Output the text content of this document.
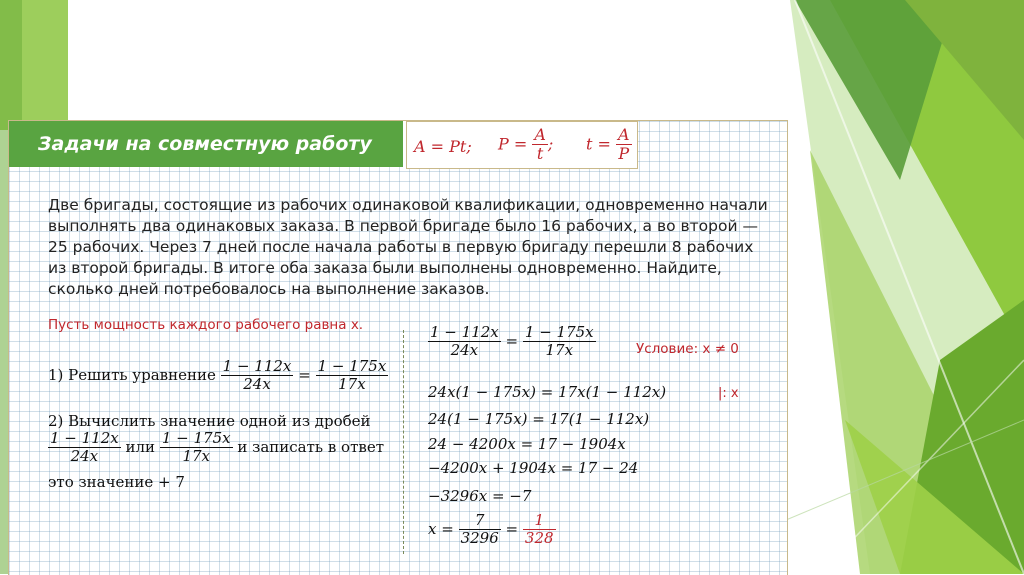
Задачи на совместную работу	A = Pt; $P = \frac{A}{t}$ ; $t = \frac{A}{P}$
Две бригады, состоящие из рабочих одинаковой квалификации, одновременно начали выполнять два одинаковых заказа. В первой бригаде было 16 рабочих, а во второй — 25 рабочих. Через 7 дней после начала работы в первую бригаду перешли 8 рабочих из второй бригады. В итоге оба заказа были выполнены одновременно. Найдите, сколько дней потребовалось на выполнение заказов.
Пусть мощность каждого рабочего равна x.
1) Решить уравнение $\frac{1 - 112x}{24x} = \frac{1 - 175x}{17x}$
2) Вычислить значение одной из дробей
$\frac{1 - 112x}{24x}$ или $\frac{1 - 175x}{17x}$ и записать в ответ
это значение + 7
$\frac{1 - 112x}{24x} = \frac{1 - 175x}{17x}$	Условие: x ≠ 0
24x(1 − 175x) = 17x(1 − 112x)	|: x
24(1 − 175x) = 17(1 − 112x)
24 − 4200x = 17 − 1904x
−4200x + 1904x = 17 − 24
−3296x = −7
$x = \frac{7}{3296} = \frac{1}{328}$
